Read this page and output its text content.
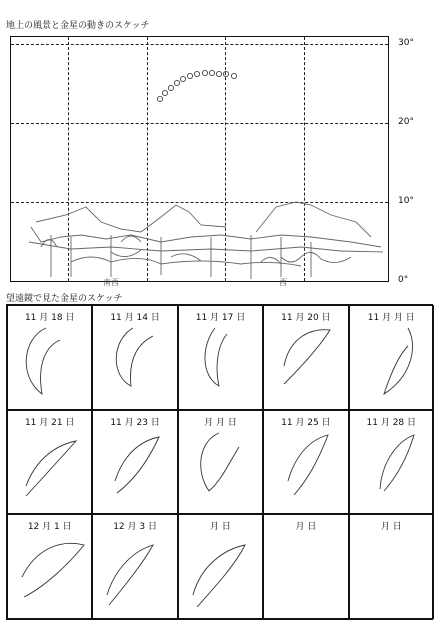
地上の風景と金星の動きのスケッチ
南西	西
30°
20°
10°
0°
望遠鏡で見た金星のスケッチ
11 月 18 日	11 月 14 日	11 月 17 日	11 月 20 日	11 月 月 日
11 月 21 日	11 月 23 日	月 月 日	11 月 25 日	11 月 28 日
12 月 1 日	12 月 3 日	月 日	月 日	月 日
